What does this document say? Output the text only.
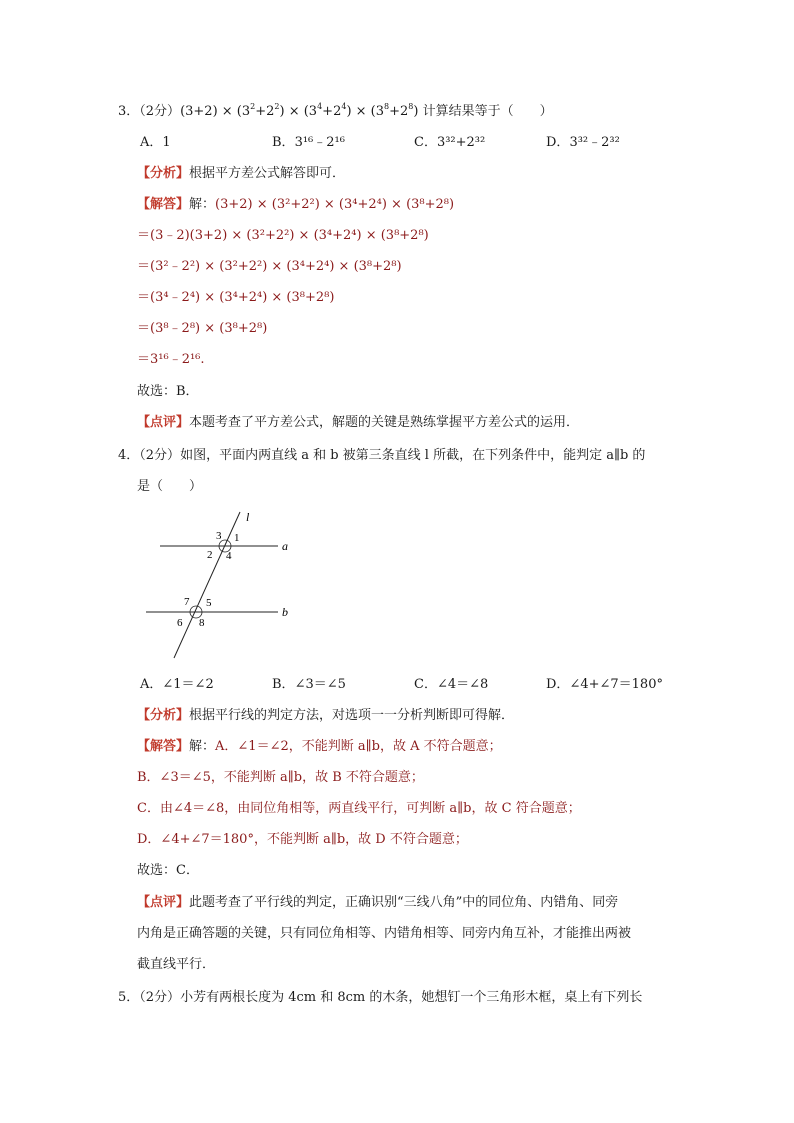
3．（2分）$(3+2) \times (3^2+2^2) \times (3^4+2^4) \times (3^8+2^8)$ 计算结果等于（　　）
A．1	B．3¹⁶﹣2¹⁶	C．3³²+2³²	D．3³²﹣2³²
【分析】根据平方差公式解答即可．
【解答】解：(3+2) × (3²+2²) × (3⁴+2⁴) × (3⁸+2⁸)
＝(3﹣2)(3+2) × (3²+2²) × (3⁴+2⁴) × (3⁸+2⁸)
＝(3²﹣2²) × (3²+2²) × (3⁴+2⁴) × (3⁸+2⁸)
＝(3⁴﹣2⁴) × (3⁴+2⁴) × (3⁸+2⁸)
＝(3⁸﹣2⁸) × (3⁸+2⁸)
＝3¹⁶﹣2¹⁶.
故选：B．
【点评】本题考查了平方差公式，解题的关键是熟练掌握平方差公式的运用．
4．（2分）如图，平面内两直线 a 和 b 被第三条直线 l 所截，在下列条件中，能判定 a∥b 的
是（　　）
l
a
b
3 1
2 4
7 5
6 8
A．∠1＝∠2	B．∠3＝∠5	C．∠4＝∠8	D．∠4+∠7＝180°
【分析】根据平行线的判定方法，对选项一一分析判断即可得解．
【解答】解：A．∠1＝∠2，不能判断 a∥b，故 A 不符合题意；
B．∠3＝∠5，不能判断 a∥b，故 B 不符合题意；
C．由∠4＝∠8，由同位角相等，两直线平行，可判断 a∥b，故 C 符合题意；
D．∠4+∠7＝180°，不能判断 a∥b，故 D 不符合题意；
故选：C．
【点评】此题考查了平行线的判定，正确识别“三线八角”中的同位角、内错角、同旁
内角是正确答题的关键，只有同位角相等、内错角相等、同旁内角互补，才能推出两被
截直线平行．
5．（2分）小芳有两根长度为 4cm 和 8cm 的木条，她想钉一个三角形木框，桌上有下列长
